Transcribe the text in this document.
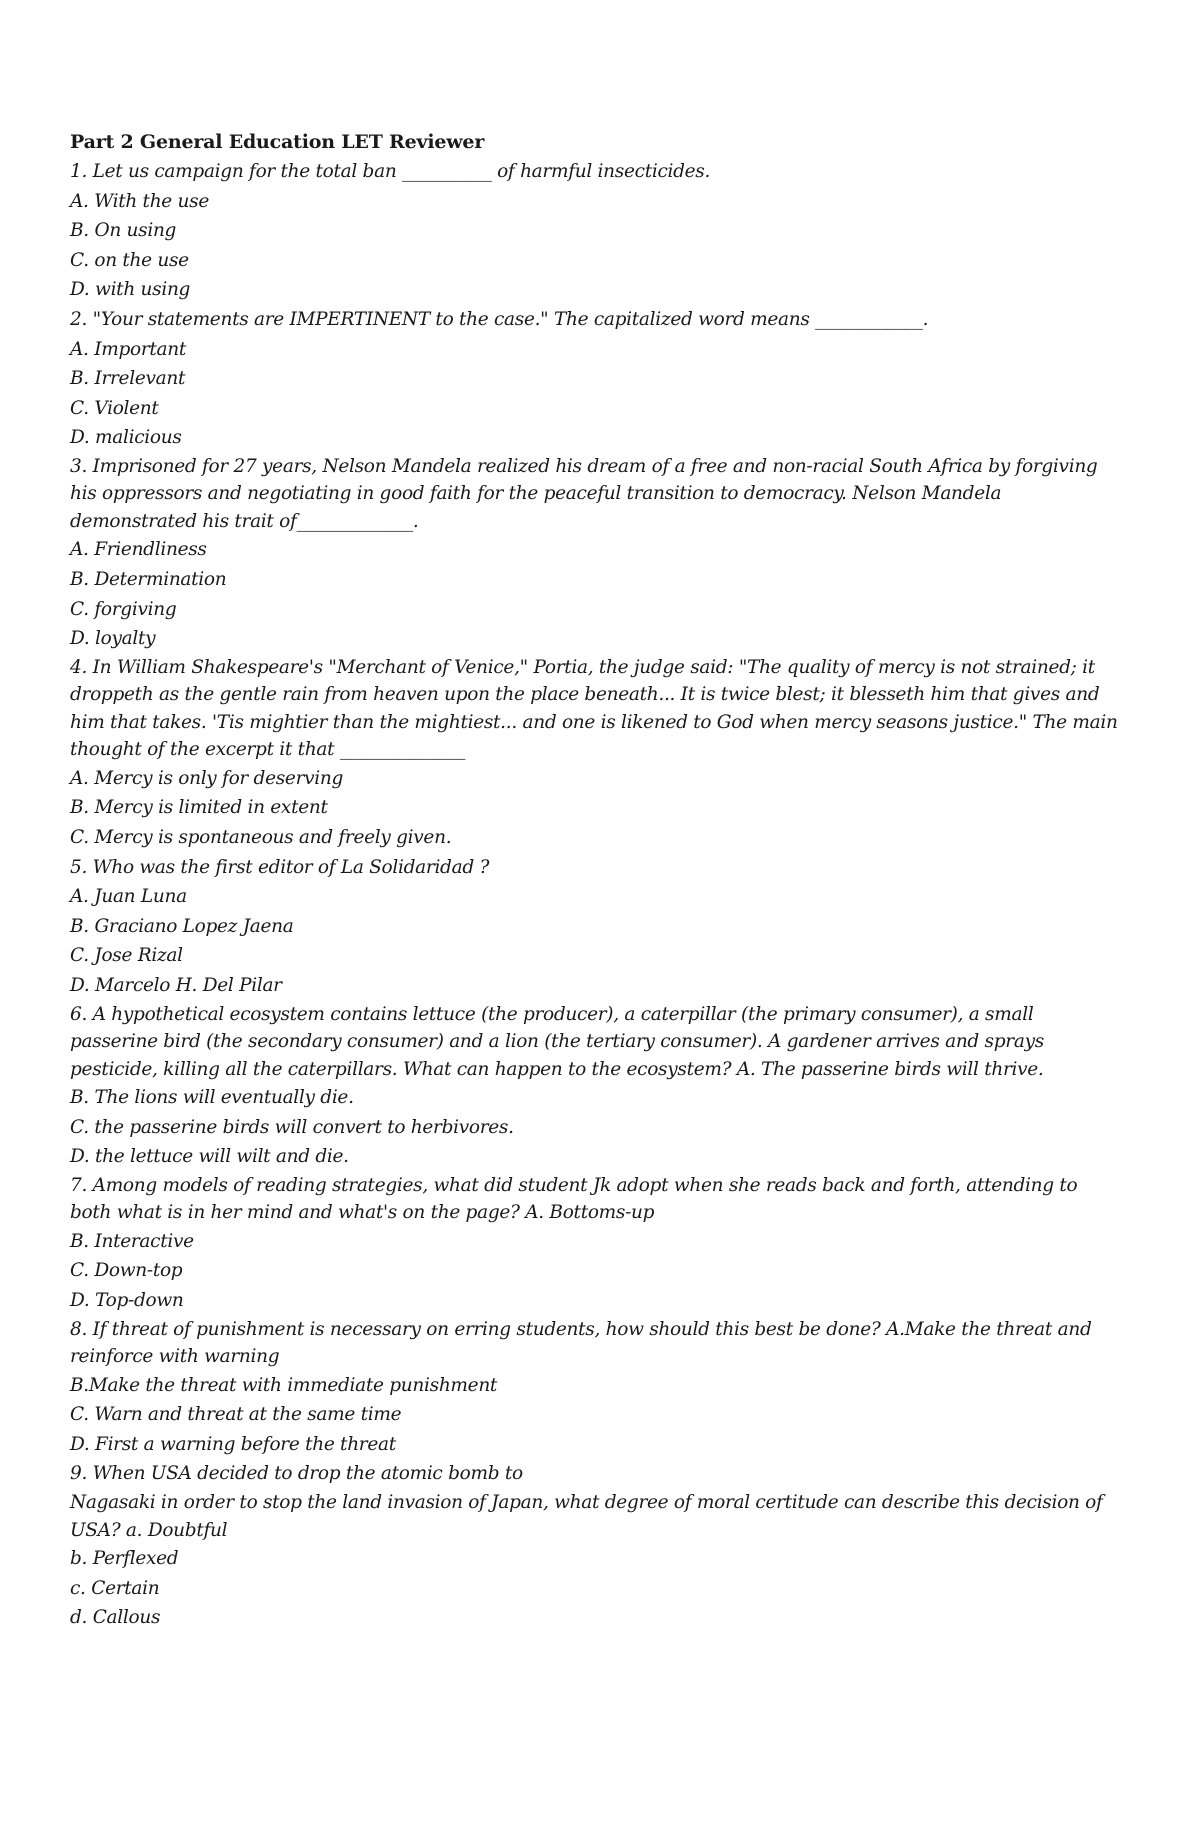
Part 2 General Education LET Reviewer
1. Let us campaign for the total ban __________ of harmful insecticides.
A. With the use
B. On using
C. on the use
D. with using
2. "Your statements are IMPERTINENT to the case." The capitalized word means ____________.
A. Important
B. Irrelevant
C. Violent
D. malicious
3. Imprisoned for 27 years, Nelson Mandela realized his dream of a free and non-racial South Africa by forgiving his oppressors and negotiating in good faith for the peaceful transition to democracy. Nelson Mandela demonstrated his trait of_____________.
A. Friendliness
B. Determination
C. forgiving
D. loyalty
4. In William Shakespeare's "Merchant of Venice," Portia, the judge said: "The quality of mercy is not strained; it droppeth as the gentle rain from heaven upon the place beneath... It is twice blest; it blesseth him that gives and him that takes. 'Tis mightier than the mightiest... and one is likened to God when mercy seasons justice." The main thought of the excerpt it that ______________
A. Mercy is only for deserving
B. Mercy is limited in extent
C. Mercy is spontaneous and freely given.
5. Who was the first editor of La Solidaridad ?
A. Juan Luna
B. Graciano Lopez Jaena
C. Jose Rizal
D. Marcelo H. Del Pilar
6. A hypothetical ecosystem contains lettuce (the producer), a caterpillar (the primary consumer), a small passerine bird (the secondary consumer) and a lion (the tertiary consumer). A gardener arrives and sprays pesticide, killing all the caterpillars. What can happen to the ecosystem? A. The passerine birds will thrive.
B. The lions will eventually die.
C. the passerine birds will convert to herbivores.
D. the lettuce will wilt and die.
7. Among models of reading strategies, what did student Jk adopt when she reads back and forth, attending to both what is in her mind and what's on the page? A. Bottoms-up
B. Interactive
C. Down-top
D. Top-down
8. If threat of punishment is necessary on erring students, how should this best be done? A.Make the threat and reinforce with warning
B.Make the threat with immediate punishment
C. Warn and threat at the same time
D. First a warning before the threat
9. When USA decided to drop the atomic bomb to
Nagasaki in order to stop the land invasion of Japan, what degree of moral certitude can describe this decision of USA? a. Doubtful
b. Perflexed
c. Certain
d. Callous
